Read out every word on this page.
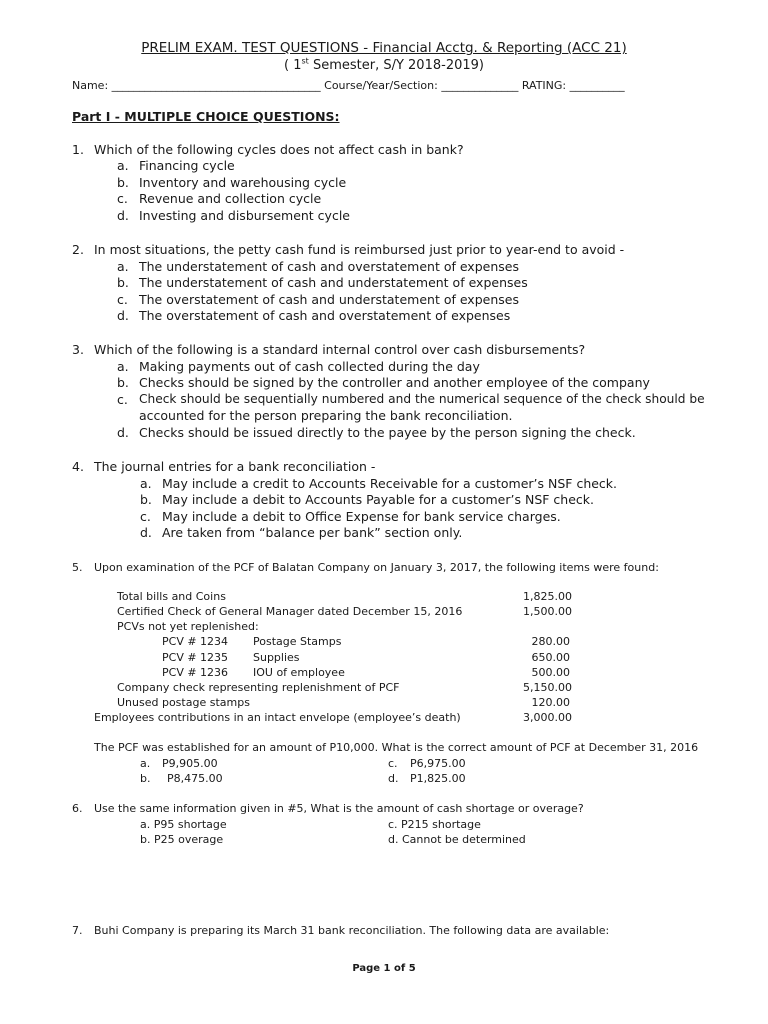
PRELIM EXAM. TEST QUESTIONS - Financial Acctg. & Reporting (ACC 21)
( 1st Semester, S/Y 2018-2019)
Name: ______________________________________ Course/Year/Section: ______________ RATING: __________
Part I - MULTIPLE CHOICE QUESTIONS:
1. Which of the following cycles does not affect cash in bank?
a. Financing cycle
b. Inventory and warehousing cycle
c. Revenue and collection cycle
d. Investing and disbursement cycle
2. In most situations, the petty cash fund is reimbursed just prior to year-end to avoid -
a. The understatement of cash and overstatement of expenses
b. The understatement of cash and understatement of expenses
c. The overstatement of cash and understatement of expenses
d. The overstatement of cash and overstatement of expenses
3. Which of the following is a standard internal control over cash disbursements?
a. Making payments out of cash collected during the day
b. Checks should be signed by the controller and another employee of the company
c. Check should be sequentially numbered and the numerical sequence of the check should be
accounted for the person preparing the bank reconciliation.
d. Checks should be issued directly to the payee by the person signing the check.
4. The journal entries for a bank reconciliation -
a. May include a credit to Accounts Receivable for a customer’s NSF check.
b. May include a debit to Accounts Payable for a customer’s NSF check.
c. May include a debit to Office Expense for bank service charges.
d. Are taken from “balance per bank” section only.
5. Upon examination of the PCF of Balatan Company on January 3, 2017, the following items were found:
Total bills and Coins	1,825.00
Certified Check of General Manager dated December 15, 2016	1,500.00
PCVs not yet replenished:
PCV # 1234 Postage Stamps	280.00
PCV # 1235 Supplies	650.00
PCV # 1236 IOU of employee	500.00
Company check representing replenishment of PCF	5,150.00
Unused postage stamps	120.00
Employees contributions in an intact envelope (employee’s death)	3,000.00
The PCF was established for an amount of P10,000. What is the correct amount of PCF at December 31, 2016
a. P9,905.00	c. P6,975.00
b. P8,475.00	d. P1,825.00
6. Use the same information given in #5, What is the amount of cash shortage or overage?
a. P95 shortage	c. P215 shortage
b. P25 overage	d. Cannot be determined
7. Buhi Company is preparing its March 31 bank reconciliation. The following data are available:
Page 1 of 5
